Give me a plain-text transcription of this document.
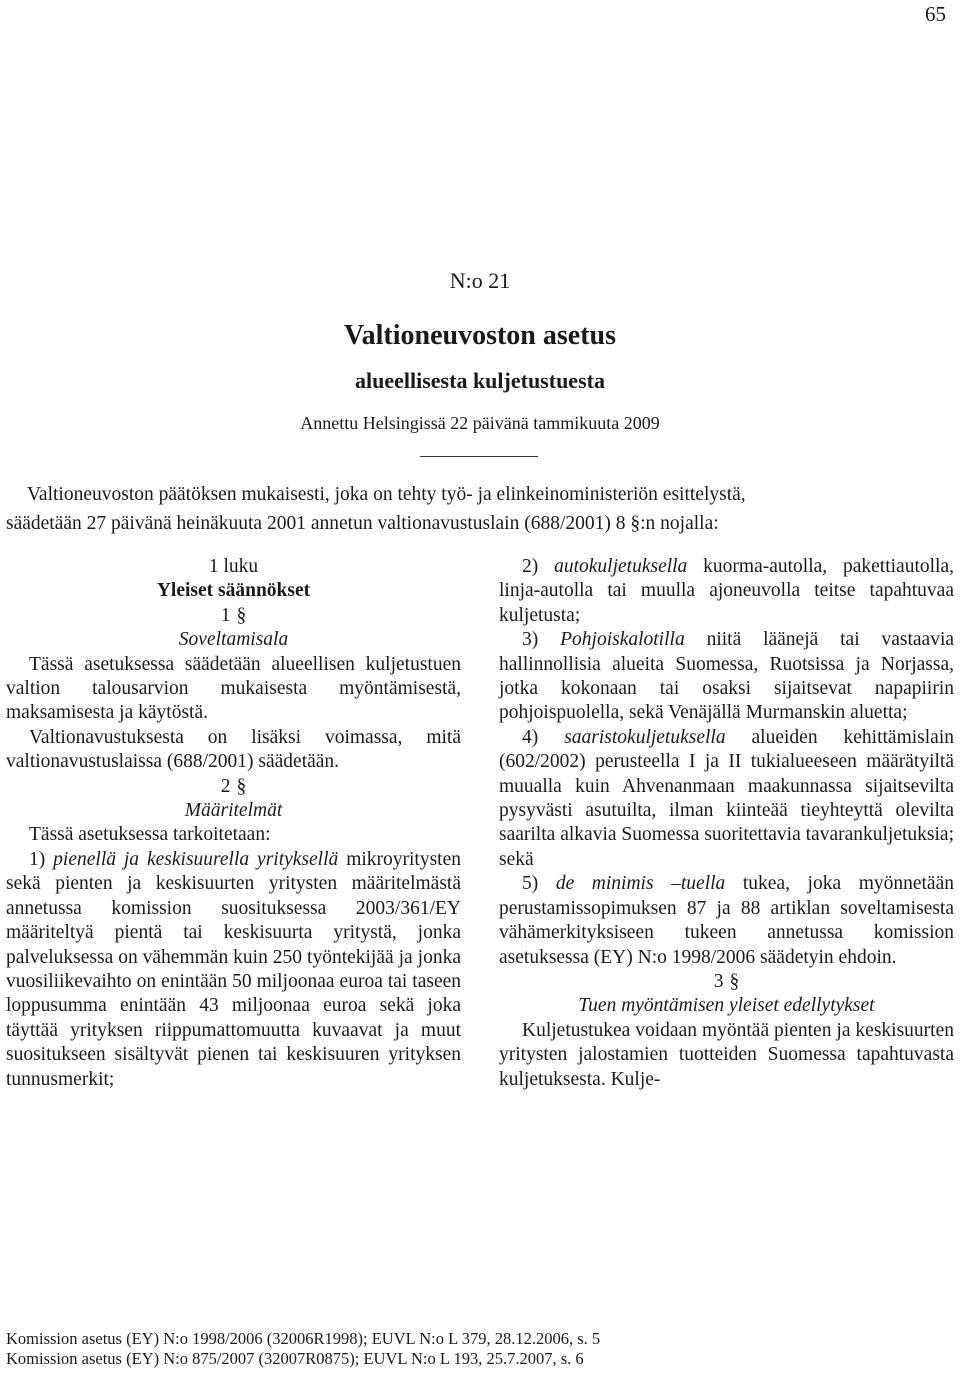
65
N:o 21
Valtioneuvoston asetus
alueellisesta kuljetustuesta
Annettu Helsingissä 22 päivänä tammikuuta 2009

Valtioneuvoston päätöksen mukaisesti, joka on tehty työ- ja elinkeinoministeriön esittelystä,

säädetään 27 päivänä heinäkuuta 2001 annetun valtionavustuslain (688/2001) 8 §:n nojalla:

1 luku

Yleiset säännökset

1 §

Soveltamisala

Tässä asetuksessa säädetään alueellisen kuljetustuen valtion talousarvion mukaisesta myöntämisestä, maksamisesta ja käytöstä.

Valtionavustuksesta on lisäksi voimassa, mitä valtionavustuslaissa (688/2001) säädetään.

2 §

Määritelmät

Tässä asetuksessa tarkoitetaan:

1) pienellä ja keskisuurella yrityksellä mikroyritysten sekä pienten ja keskisuurten yritysten määritelmästä annetussa komission suosituksessa 2003/361/EY määriteltyä pientä tai keskisuurta yritystä, jonka palveluksessa on vähemmän kuin 250 työntekijää ja jonka vuosiliikevaihto on enintään 50 miljoonaa euroa tai taseen loppusumma enintään 43 miljoonaa euroa sekä joka täyttää yrityksen riippumattomuutta kuvaavat ja muut suositukseen sisältyvät pienen tai keskisuuren yrityksen tunnusmerkit;

2) autokuljetuksella kuorma-autolla, pakettiautolla, linja-autolla tai muulla ajoneuvolla teitse tapahtuvaa kuljetusta;

3) Pohjoiskalotilla niitä läänejä tai vastaavia hallinnollisia alueita Suomessa, Ruotsissa ja Norjassa, jotka kokonaan tai osaksi sijaitsevat napapiirin pohjoispuolella, sekä Venäjällä Murmanskin aluetta;

4) saaristokuljetuksella alueiden kehittämislain (602/2002) perusteella I ja II tukialueeseen määrätyiltä muualla kuin Ahvenanmaan maakunnassa sijaitsevilta pysyvästi asutuilta, ilman kiinteää tieyhteyttä olevilta saarilta alkavia Suomessa suoritettavia tavarankuljetuksia; sekä

5) de minimis –tuella tukea, joka myönnetään perustamissopimuksen 87 ja 88 artiklan soveltamisesta vähämerkityksiseen tukeen annetussa komission asetuksessa (EY) N:o 1998/2006 säädetyin ehdoin.

3 §

Tuen myöntämisen yleiset edellytykset

Kuljetustukea voidaan myöntää pienten ja keskisuurten yritysten jalostamien tuotteiden Suomessa tapahtuvasta kuljetuksesta. Kulje-

Komission asetus (EY) N:o 1998/2006 (32006R1998); EUVL N:o L 379, 28.12.2006, s. 5

Komission asetus (EY) N:o 875/2007 (32007R0875); EUVL N:o L 193, 25.7.2007, s. 6
